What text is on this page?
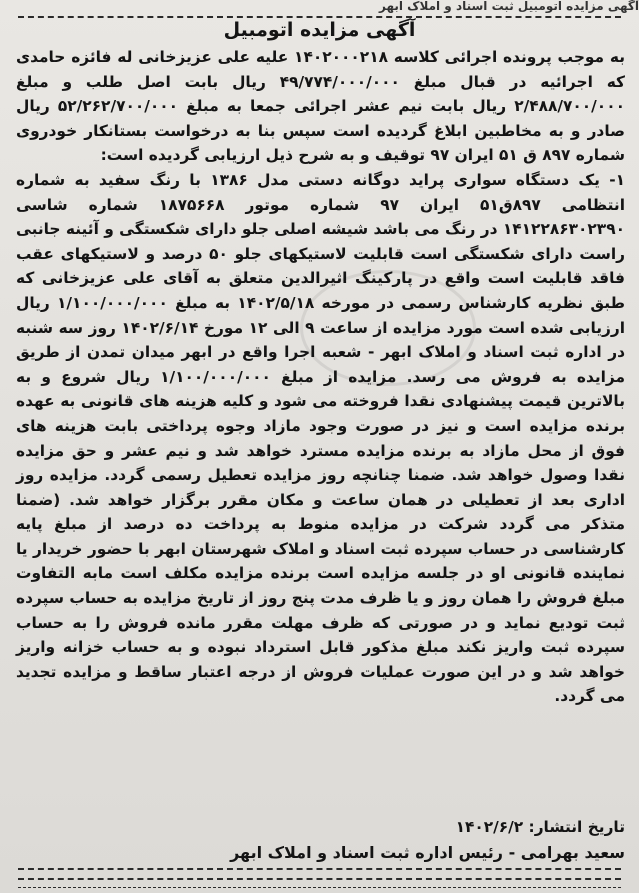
آگهی مزایده اتومبیل ثبت اسناد و املاک ابهر
آگهی مزایده اتومبیل

به موجب پرونده اجرائی کلاسه ۱۴۰۲۰۰۰۲۱۸ علیه علی عزیزخانی له فائزه حامدی که اجرائیه در قبال مبلغ ۴۹/۷۷۴/۰۰۰/۰۰۰ ریال بابت اصل طلب و مبلغ ۲/۴۸۸/۷۰۰/۰۰۰ ریال بابت نیم عشر اجرائی جمعا به مبلغ ۵۲/۲۶۲/۷۰۰/۰۰۰ ریال صادر و به مخاطبین ابلاغ گردیده است سپس بنا به درخواست بستانکار خودروی شماره ۸۹۷ ق ۵۱ ایران ۹۷ توقیف و به شرح ذیل ارزیابی گردیده است:

۱- یک دستگاه سواری پراید دوگانه دستی مدل ۱۳۸۶ با رنگ سفید به شماره انتظامی ۸۹۷ق۵۱ ایران ۹۷ شماره موتور ۱۸۷۵۶۶۸ شماره شاسی ۱۴۱۲۲۸۶۳۰۲۳۹۰ در رنگ می باشد شیشه اصلی جلو دارای شکستگی و آئینه جانبی راست دارای شکستگی است قابلیت لاستیکهای جلو ۵۰ درصد و لاستیکهای عقب فاقد قابلیت است واقع در پارکینگ اثیرالدین متعلق به آقای علی عزیزخانی که طبق نظریه کارشناس رسمی در مورخه ۱۴۰۲/۵/۱۸ به مبلغ ۱/۱۰۰/۰۰۰/۰۰۰ ریال ارزیابی شده است مورد مزایده از ساعت ۹ الی ۱۲ مورخ ۱۴۰۲/۶/۱۴ روز سه شنبه در اداره ثبت اسناد و املاک ابهر - شعبه اجرا واقع در ابهر میدان تمدن از طریق مزایده به فروش می رسد. مزایده از مبلغ ۱/۱۰۰/۰۰۰/۰۰۰ ریال شروع و به بالاترین قیمت پیشنهادی نقدا فروخته می شود و کلیه هزینه های قانونی به عهده برنده مزایده است و نیز در صورت وجود مازاد وجوه پرداختی بابت هزینه های فوق از محل مازاد به برنده مزایده مسترد خواهد شد و نیم عشر و حق مزایده نقدا وصول خواهد شد. ضمنا چنانچه روز مزایده تعطیل رسمی گردد. مزایده روز اداری بعد از تعطیلی در همان ساعت و مکان مقرر برگزار خواهد شد. (ضمنا متذکر می گردد شرکت در مزایده منوط به پرداخت ده درصد از مبلغ پایه کارشناسی در حساب سپرده ثبت اسناد و املاک شهرستان ابهر با حضور خریدار یا نماینده قانونی او در جلسه مزایده است برنده مزایده مکلف است مابه التفاوت مبلغ فروش را همان روز و یا ظرف مدت پنج روز از تاریخ مزایده به حساب سپرده ثبت تودیع نماید و در صورتی که ظرف مهلت مقرر مانده فروش را به حساب سپرده ثبت واریز نکند مبلغ مذکور قابل استرداد نبوده و به حساب خزانه واریز خواهد شد و در این صورت عملیات فروش از درجه اعتبار ساقط و مزایده تجدید می گردد.

تاریخ انتشار: ۱۴۰۲/۶/۲
سعید بهرامی - رئیس اداره ثبت اسناد و املاک ابهر
